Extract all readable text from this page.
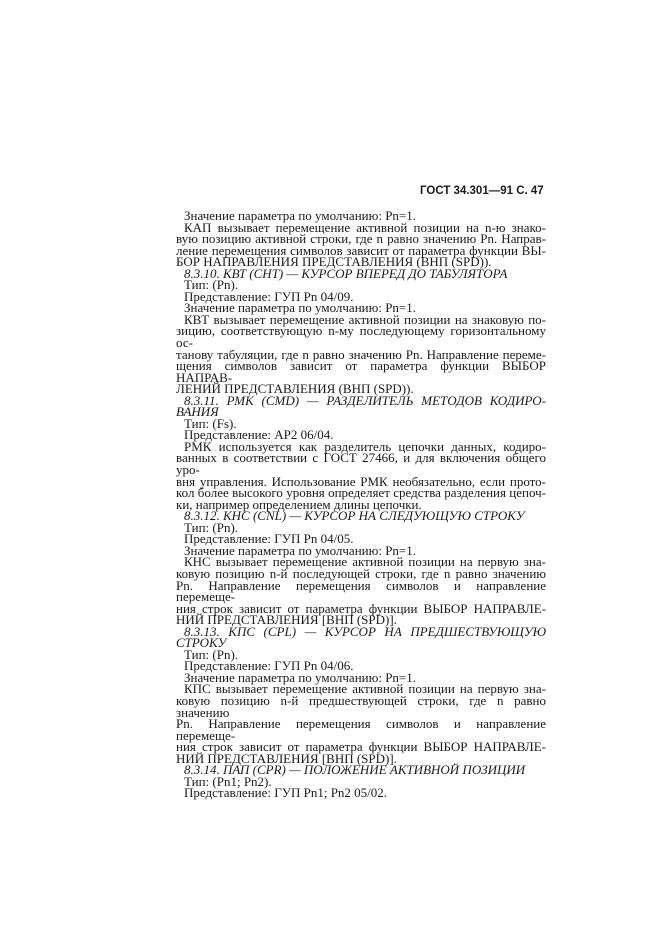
ГОСТ 34.301—91 С. 47
Значение параметра по умолчанию: Pn=1.
КАП вызывает перемещение активной позиции на n-ю знако-
вую позицию активной строки, где n равно значению Pn. Направ-
ление перемещения символов зависит от параметра функции ВЫ-
БОР НАПРАВЛЕНИЯ ПРЕДСТАВЛЕНИЯ (ВНП (SPD)).
8.3.10. КВТ (CHT) — КУРСОР ВПЕРЕД ДО ТАБУЛЯТОРА
Тип: (Pn).
Представление: ГУП Pn 04/09.
Значение параметра по умолчанию: Pn=1.
КВТ вызывает перемещение активной позиции на знаковую по-
зицию, соответствующую n-му последующему горизонтальному ос-
танову табуляции, где n равно значению Pn. Направление переме-
щения символов зависит от параметра функции ВЫБОР НАПРАВ-
ЛЕНИЙ ПРЕДСТАВЛЕНИЯ (ВНП (SPD)).
8.3.11. РМК (CMD) — РАЗДЕЛИТЕЛЬ МЕТОДОВ КОДИРО-
ВАНИЯ
Тип: (Fs).
Представление: АР2 06/04.
РМК используется как разделитель цепочки данных, кодиро-
ванных в соответствии с ГОСТ 27466, и для включения общего уро-
вня управления. Использование РМК необязательно, если прото-
кол более высокого уровня определяет средства разделения цепоч-
ки, например определением длины цепочки.
8.3.12. КНС (CNL) — КУРСОР НА СЛЕДУЮЩУЮ СТРОКУ
Тип: (Pn).
Представление: ГУП Pn 04/05.
Значение параметра по умолчанию: Pn=1.
КНС вызывает перемещение активной позиции на первую зна-
ковую позицию n-й последующей строки, где n равно значению
Pn. Направление перемещения символов и направление перемеще-
ния строк зависит от параметра функции ВЫБОР НАПРАВЛЕ-
НИЙ ПРЕДСТАВЛЕНИЯ [ВНП (SPD)].
8.3.13. КПС (CPL) — КУРСОР НА ПРЕДШЕСТВУЮЩУЮ
СТРОКУ
Тип: (Pn).
Представление: ГУП Pn 04/06.
Значение параметра по умолчанию: Pn=1.
КПС вызывает перемещение активной позиции на первую зна-
ковую позицию n-й предшествующей строки, где n равно значению
Pn. Направление перемещения символов и направление перемеще-
ния строк зависит от параметра функции ВЫБОР НАПРАВЛЕ-
НИЙ ПРЕДСТАВЛЕНИЯ [ВНП (SPD)].
8.3.14. ПАП (CPR) — ПОЛОЖЕНИЕ АКТИВНОЙ ПОЗИЦИИ
Тип: (Pn1; Pn2).
Представление: ГУП Pn1; Pn2 05/02.
